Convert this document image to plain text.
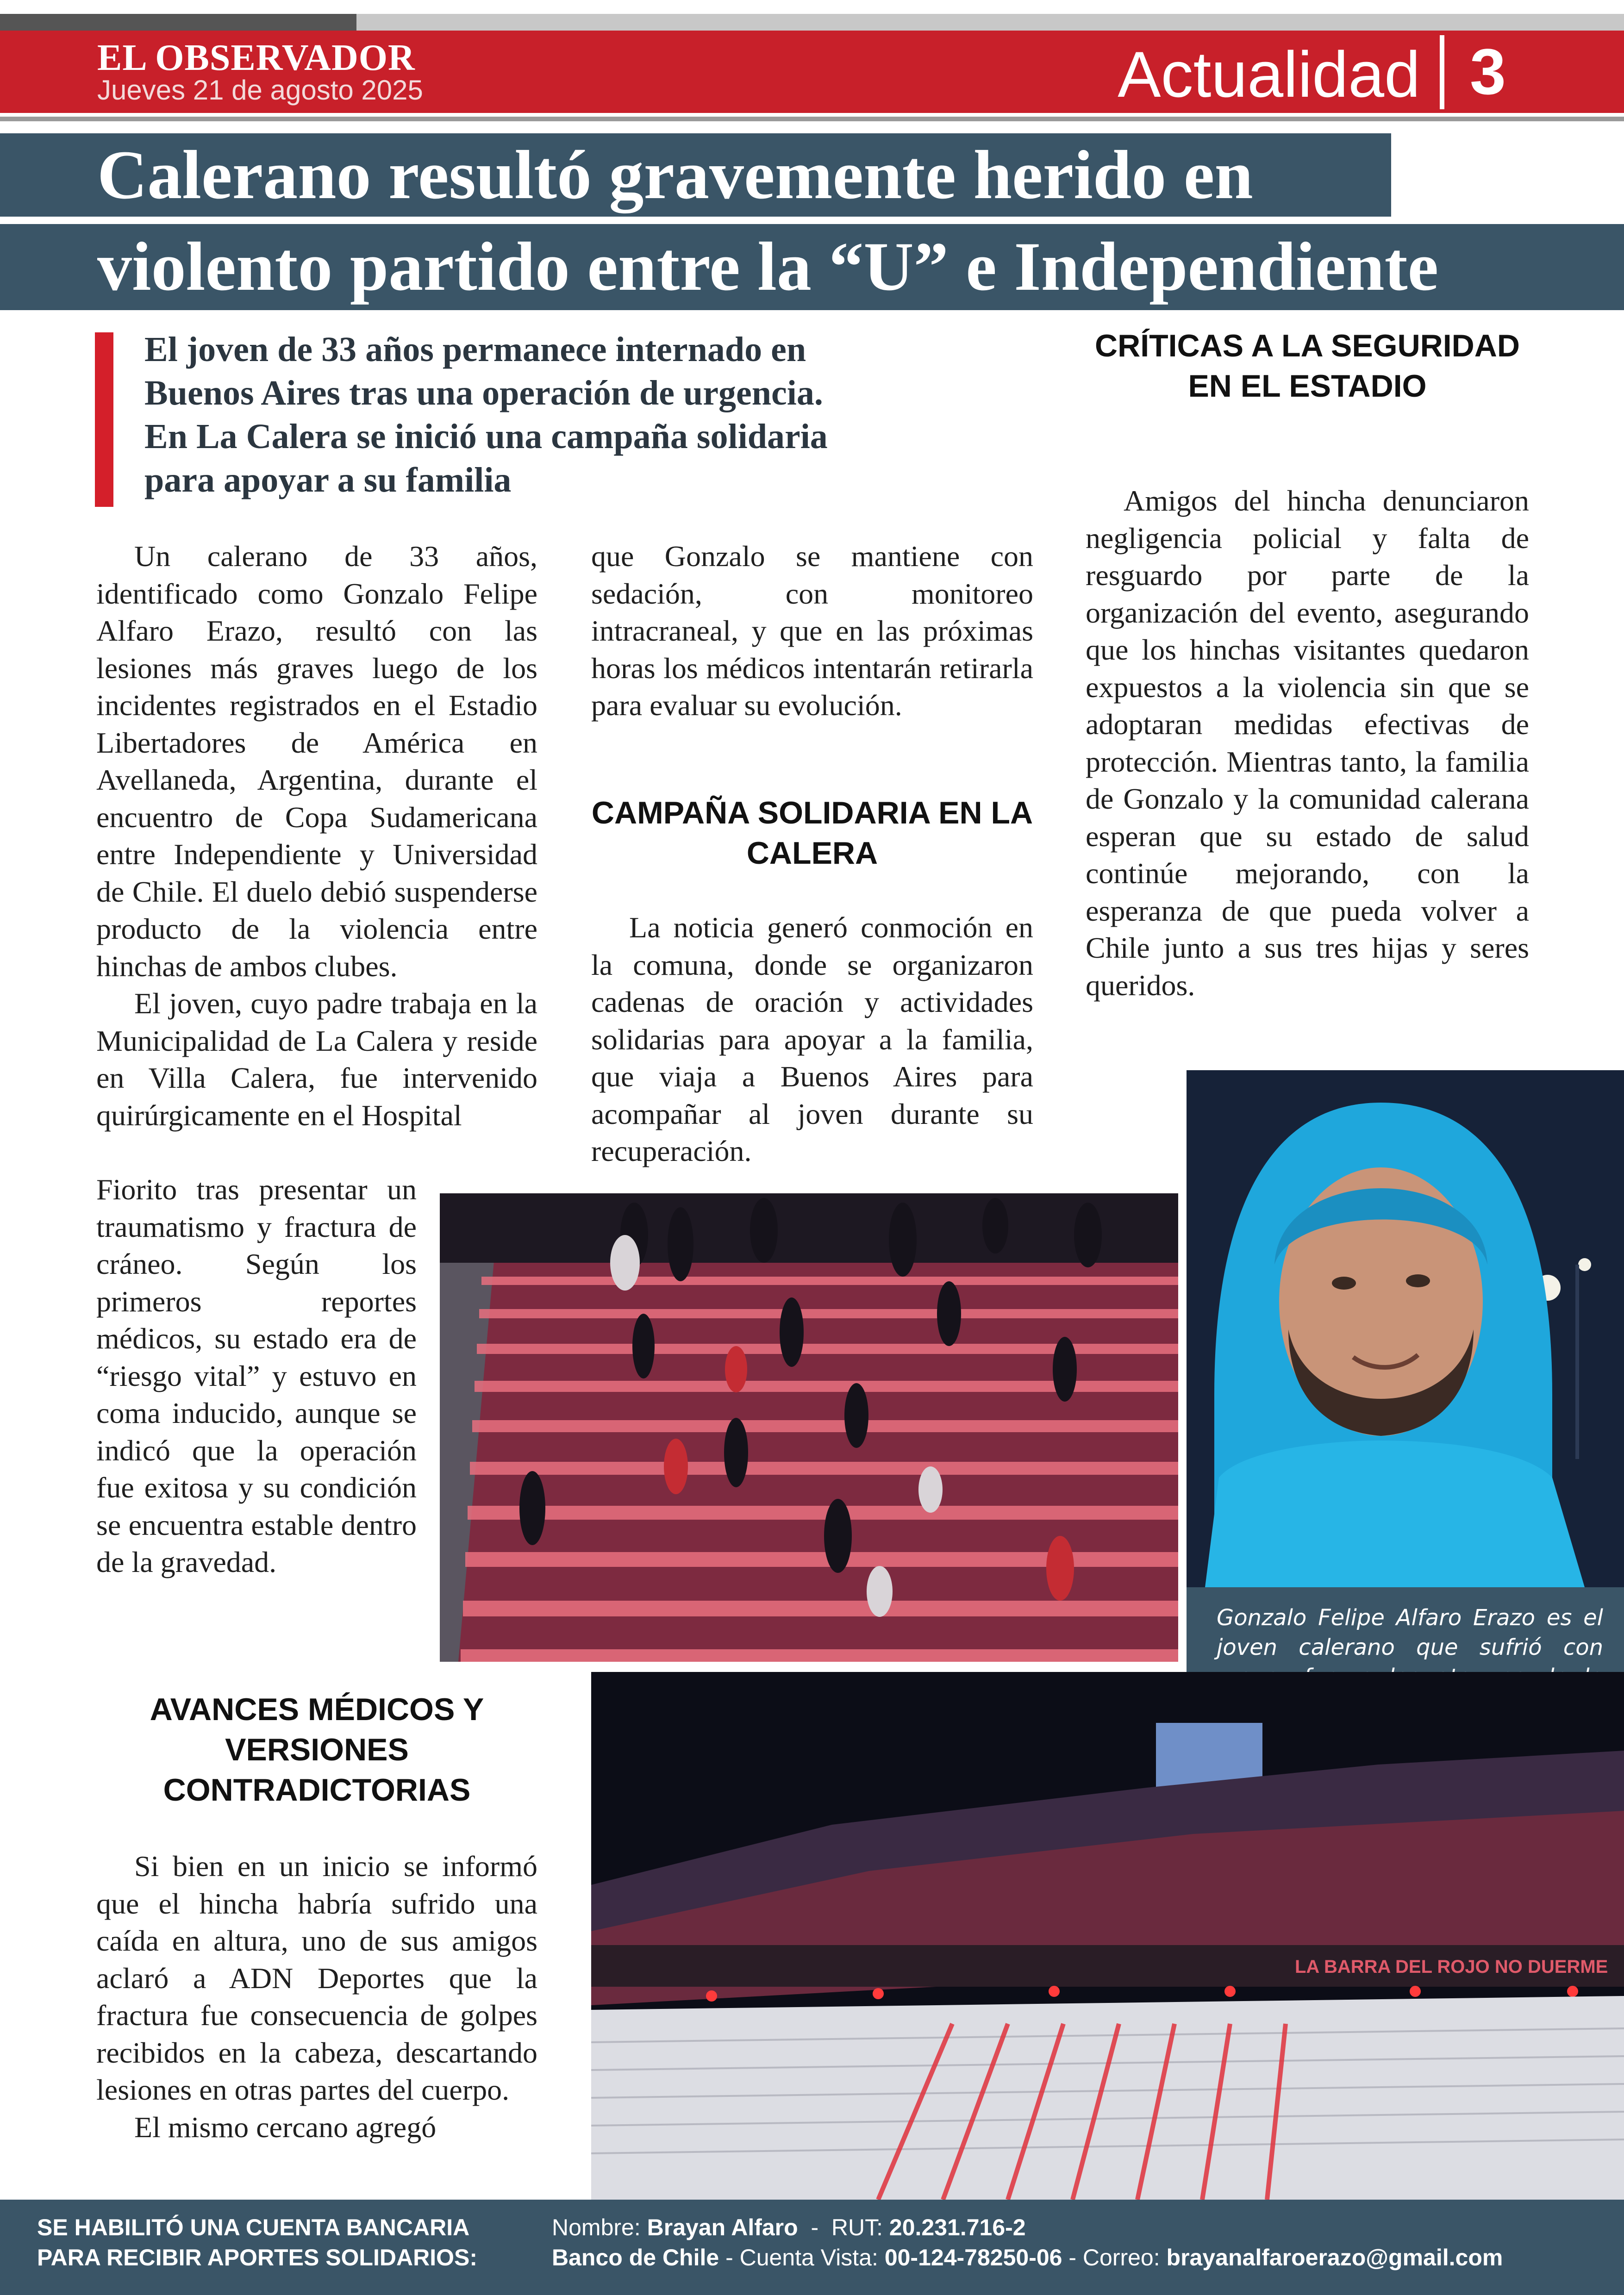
EL OBSERVADOR
Jueves 21 de agosto 2025	Actualidad 3
Calerano resultó gravemente herido en
violento partido entre la “U” e Independiente
El joven de 33 años permanece internado en
Buenos Aires tras una operación de urgencia.
En La Calera se inició una campaña solidaria
para apoyar a su familia

Un calerano de 33 años, identificado como Gonzalo Felipe Alfaro Erazo, resultó con las lesiones más graves luego de los incidentes registrados en el Estadio Libertadores de América en Avellaneda, Argentina, durante el encuentro de Copa Sudamericana entre Independiente y Universidad de Chile. El duelo debió suspenderse producto de la violencia entre hinchas de ambos clubes.

El joven, cuyo padre trabaja en la Municipalidad de La Calera y reside en Villa Calera, fue intervenido quirúrgicamente en el Hospital

Fiorito tras presentar un traumatismo y fractura de cráneo. Según los primeros reportes médicos, su estado era de “riesgo vital” y estuvo en coma inducido, aunque se indicó que la operación fue exitosa y su condición se encuentra estable dentro de la gravedad.

AVANCES MÉDICOS Y VERSIONES CONTRADICTORIAS

Si bien en un inicio se informó que el hincha habría sufrido una caída en altura, uno de sus amigos aclaró a ADN Deportes que la fractura fue consecuencia de golpes recibidos en la cabeza, descartando lesiones en otras partes del cuerpo.

El mismo cercano agregó

que Gonzalo se mantiene con sedación, con monitoreo intracraneal, y que en las próximas horas los médicos intentarán retirarla para evaluar su evolución.

CAMPAÑA SOLIDARIA EN LA CALERA

La noticia generó conmoción en la comuna, donde se organizaron cadenas de oración y actividades solidarias para apoyar a la familia, que viaja a Buenos Aires para acompañar al joven durante su recuperación.

CRÍTICAS A LA SEGURIDAD EN EL ESTADIO

Amigos del hincha denunciaron negligencia policial y falta de resguardo por parte de la organización del evento, asegurando que los hinchas visitantes quedaron expuestos a la violencia sin que se adoptaran medidas efectivas de protección. Mientras tanto, la familia de Gonzalo y la comunidad calerana esperan que su estado de salud continúe mejorando, con la esperanza de que pueda volver a Chile junto a sus tres hijas y seres queridos.

Gonzalo Felipe Alfaro Erazo es el joven calerano que sufrió con
LA BARRA DEL ROJO NO DUERME
SE HABILITÓ UNA CUENTA BANCARIA
PARA RECIBIR APORTES SOLIDARIOS:
Nombre: Brayan Alfaro  -  RUT: 20.231.716-2
Banco de Chile - Cuenta Vista: 00-124-78250-06 - Correo: brayanalfaroerazo@gmail.com
